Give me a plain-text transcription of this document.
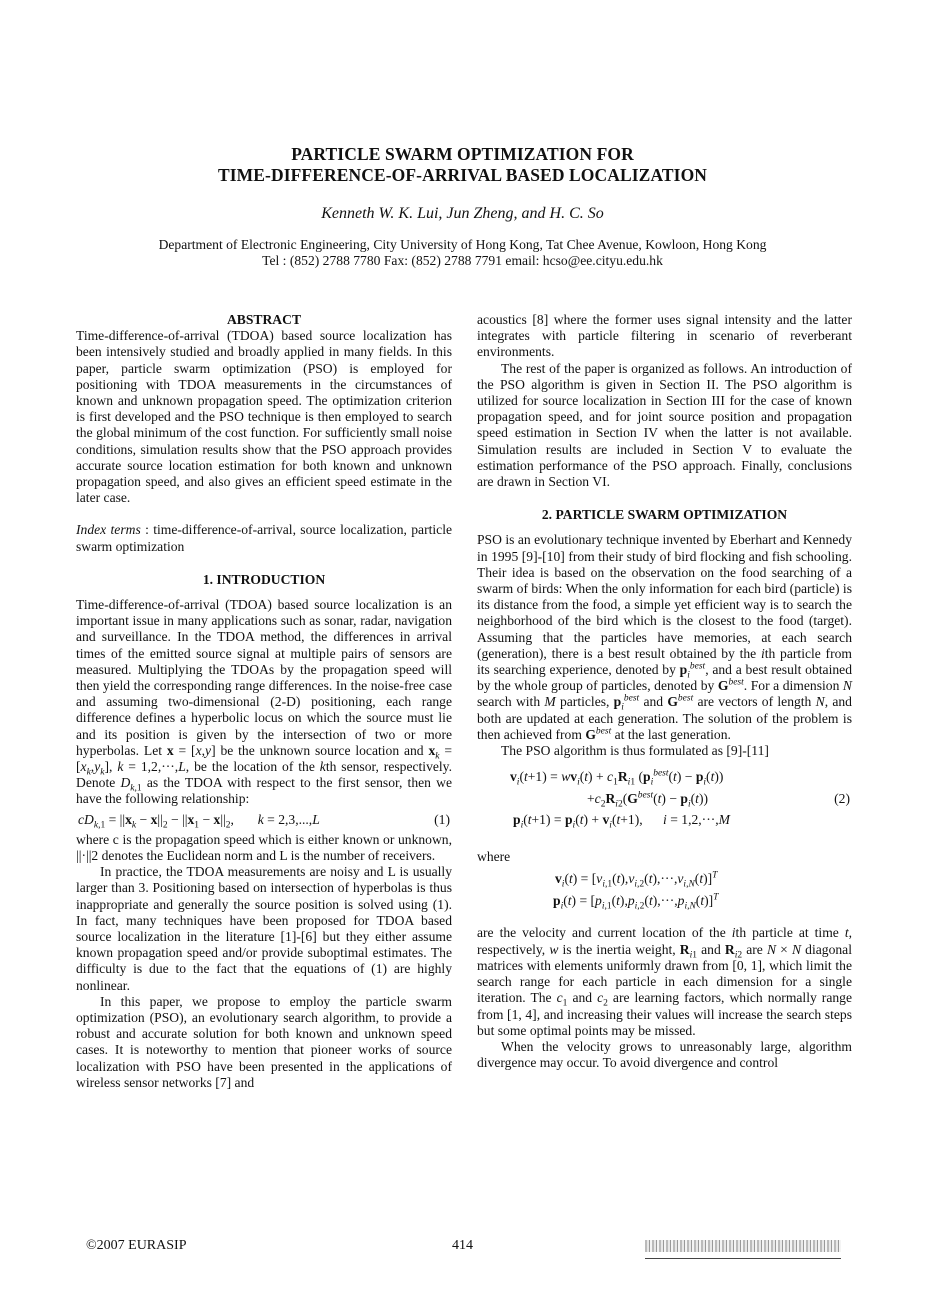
PARTICLE SWARM OPTIMIZATION FOR
TIME-DIFFERENCE-OF-ARRIVAL BASED LOCALIZATION
Kenneth W. K. Lui, Jun Zheng, and H. C. So
Department of Electronic Engineering, City University of Hong Kong, Tat Chee Avenue, Kowloon, Hong Kong
Tel : (852) 2788 7780 Fax: (852) 2788 7791 email: hcso@ee.cityu.edu.hk
ABSTRACT

Time-difference-of-arrival (TDOA) based source localization has been intensively studied and broadly applied in many fields. In this paper, particle swarm optimization (PSO) is employed for positioning with TDOA measurements in the circumstances of known and unknown propagation speed. The optimization criterion is first developed and the PSO technique is then employed to search the global minimum of the cost function. For sufficiently small noise conditions, simulation results show that the PSO approach provides accurate source location estimation for both known and unknown propagation speed, and also gives an efficient speed estimate in the later case.

Index terms : time-difference-of-arrival, source localization, particle swarm optimization

1. INTRODUCTION

Time-difference-of-arrival (TDOA) based source localization is an important issue in many applications such as sonar, radar, navigation and surveillance. In the TDOA method, the differences in arrival times of the emitted source signal at multiple pairs of sensors are measured. Multiplying the TDOAs by the propagation speed will then yield the corresponding range differences. In the noise-free case and assuming two-dimensional (2-D) positioning, each range difference defines a hyperbolic locus on which the source must lie and its position is given by the intersection of two or more hyperbolas. Let x = [x,y] be the unknown source location and $x_k = [x_k,y_k]$, k = 1,2,···,L, be the location of the kth sensor, respectively. Denote $D_{k,1}$ as the TDOA with respect to the first sensor, then we have the following relationship:

$cD_{k,1} = ||x_k - x||_2 - ||x_1 - x||_2$,       k = 2,3,...,L	(1)

where c is the propagation speed which is either known or unknown, ||·||2 denotes the Euclidean norm and L is the number of receivers.

In practice, the TDOA measurements are noisy and L is usually larger than 3. Positioning based on intersection of hyperbolas is thus inappropriate and generally the source position is solved using (1). In fact, many techniques have been proposed for TDOA based source localization in the literature [1]-[6] but they either assume known propagation speed and/or provide suboptimal estimates. The difficulty is due to the fact that the equations of (1) are highly nonlinear.

In this paper, we propose to employ the particle swarm optimization (PSO), an evolutionary search algorithm, to provide a robust and accurate solution for both known and unknown speed cases. It is noteworthy to mention that pioneer works of source localization with PSO have been presented in the applications of wireless sensor networks [7] and

acoustics [8] where the former uses signal intensity and the latter integrates with particle filtering in scenario of reverberant environments.

The rest of the paper is organized as follows. An introduction of the PSO algorithm is given in Section II. The PSO algorithm is utilized for source localization in Section III for the case of known propagation speed, and for joint source position and propagation speed estimation in Section IV when the latter is not available. Simulation results are included in Section V to evaluate the estimation performance of the PSO approach. Finally, conclusions are drawn in Section VI.

2. PARTICLE SWARM OPTIMIZATION

PSO is an evolutionary technique invented by Eberhart and Kennedy in 1995 [9]-[10] from their study of bird flocking and fish schooling. Their idea is based on the observation on the food searching of a swarm of birds: When the only information for each bird (particle) is its distance from the food, a simple yet efficient way is to search the neighborhood of the bird which is the closest to the food (target). Assuming that the particles have memories, at each search (generation), there is a best result obtained by the ith particle from its searching experience, denoted by $p_i^{best}$, and a best result obtained by the whole group of particles, denoted by $G^{best}$. For a dimension N search with M particles, $p_i^{best}$ and $G^{best}$ are vectors of length N, and both are updated at each generation. The solution of the problem is then achieved from $G^{best}$ at the last generation.

The PSO algorithm is thus formulated as [9]-[11]

$v_i(t+1) = wv_i(t) + c_1R_{i1}$ $(p_i^{best}(t) - p_i(t))$
$+c_2R_{i2}(G^{best}(t) - p_i(t))$	(2)
$p_i(t+1) = p_i(t) + v_i(t+1)$,      i = 1,2,···,M

where

$v_i(t) = [v_{i,1}(t),v_{i,2}(t),\cdot\cdot\cdot,v_{i,N}(t)]^T$
$p_i(t) = [p_{i,1}(t),p_{i,2}(t),\cdot\cdot\cdot,p_{i,N}(t)]^T$

are the velocity and current location of the ith particle at time t, respectively, w is the inertia weight, $R_{i1}$ and $R_{i2}$ are N × N diagonal matrices with elements uniformly drawn from [0, 1], which limit the search range for each particle in each dimension for a single iteration. The $c_1$ and $c_2$ are learning factors, which normally range from [1, 4], and increasing their values will increase the search steps but some optimal points may be missed.

When the velocity grows to unreasonably large, algorithm divergence may occur. To avoid divergence and control

©2007 EURASIP	414
